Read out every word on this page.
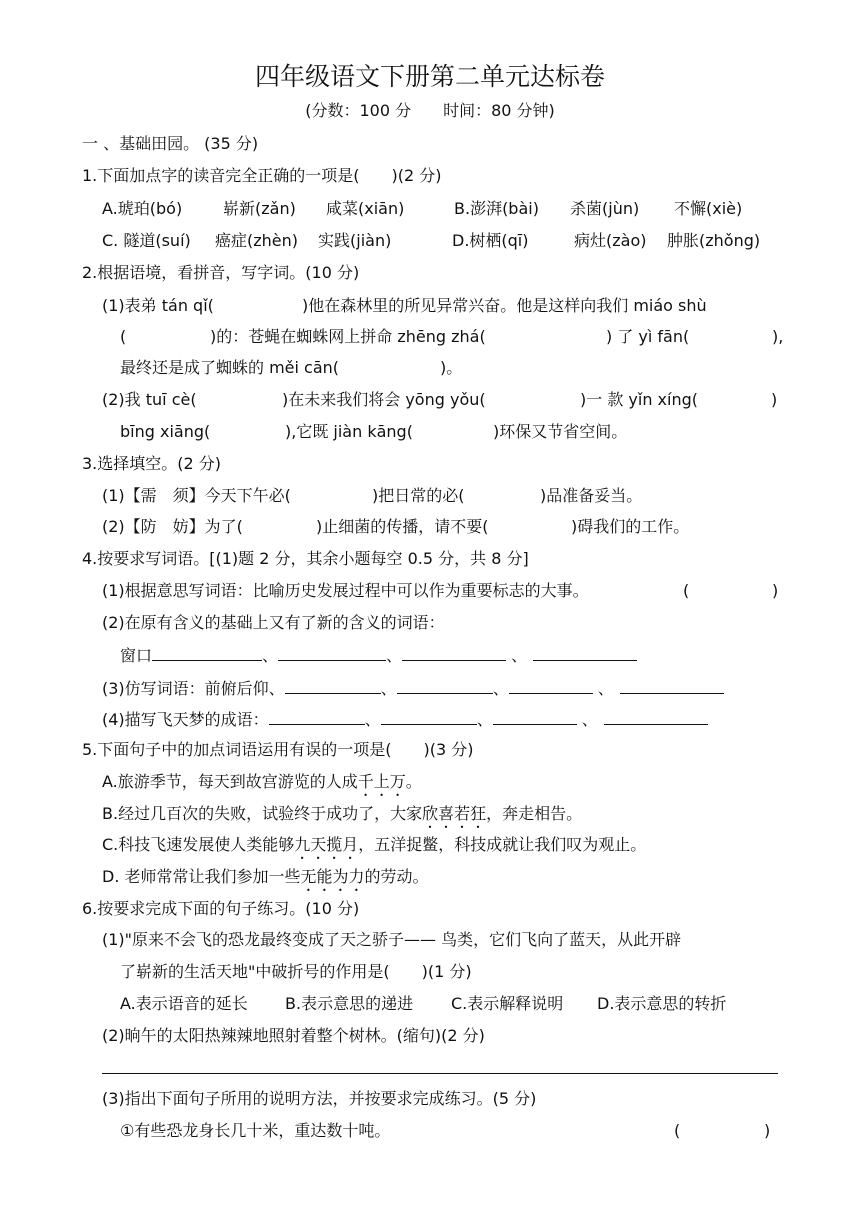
四年级语文下册第二单元达标卷
(分数：100 分　　时间：80 分钟)
一 、基础田园。 (35 分)
1.下面加点字的读音完全正确的一项是(　　)(2 分)
A.琥珀(bó)	崭新(zǎn) 咸菜(xiān)	B.澎湃(bài) 杀菌(jùn) 不懈(xiè)
C. 隧道(suí) 癌症(zhèn) 实践(jiàn)	D.树栖(qī)	病灶(zào) 肿胀(zhǒng)
2.根据语境，看拼音，写字词。(10 分)
(1)表弟 tán qǐ(	)他在森林里的所见异常兴奋。他是这样向我们 miáo shù
(	)的：苍蝇在蜘蛛网上拼命 zhēng zhá(	) 了 yì fān(	),
最终还是成了蜘蛛的 měi cān(	)。
(2)我 tuī cè(	)在未来我们将会 yōng yǒu(	)一 款 yǐn xíng(	)
bīng xiāng(	),它既 jiàn kāng(	)环保又节省空间。
3.选择填空。(2 分)
(1)【需　须】今天下午必(	)把日常的必(	)品准备妥当。
(2)【防　妨】为了(	)止细菌的传播，请不要(	)碍我们的工作。
4.按要求写词语。[(1)题 2 分，其余小题每空 0.5 分，共 8 分]
(1)根据意思写词语：比喻历史发展过程中可以作为重要标志的大事。	(	)
(2)在原有含义的基础上又有了新的含义的词语：
窗口	、	、	、
(3)仿写词语：前俯后仰、	、	、	、
(4)描写飞天梦的成语：	、	、	、
5.下面句子中的加点词语运用有误的一项是(　　)(3 分)
A.旅游季节，每天到故宫游览的人成千上万。
B.经过几百次的失败，试验终于成功了，大家欣喜若狂，奔走相告。
C.科技飞速发展使人类能够九天揽月，五洋捉鳖，科技成就让我们叹为观止。
D. 老师常常让我们参加一些无能为力的劳动。
6.按要求完成下面的句子练习。(10 分)
(1)"原来不会飞的恐龙最终变成了天之骄子—— 鸟类，它们飞向了蓝天，从此开辟
了崭新的生活天地"中破折号的作用是(　　)(1 分)
A.表示语音的延长 B.表示意思的递进 C.表示解释说明 D.表示意思的转折
(2)晌午的太阳热辣辣地照射着整个树林。(缩句)(2 分)
(3)指出下面句子所用的说明方法，并按要求完成练习。(5 分)
①有些恐龙身长几十米，重达数十吨。	(	)
